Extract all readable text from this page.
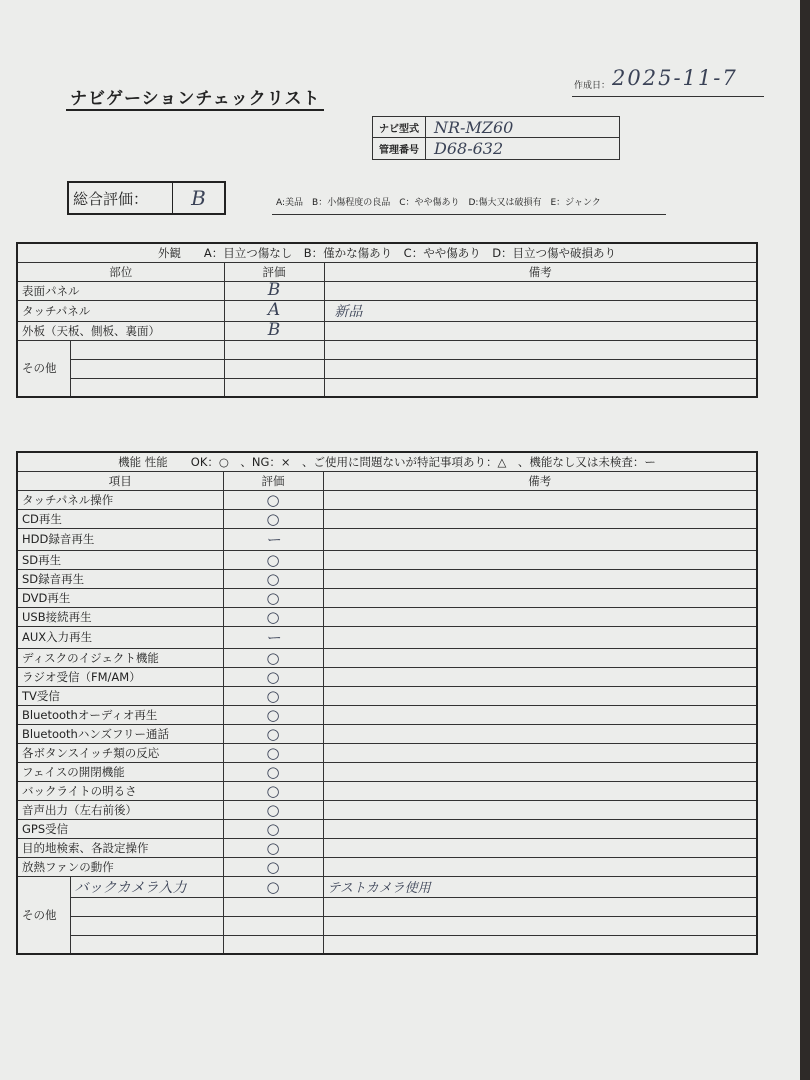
ナビゲーションチェックリスト
作成日： 2025-11-7
ナビ型式 NR-MZ60
管理番号 D68-632
総合評価：	B	A:美品　B：小傷程度の良品　C：やや傷あり　D:傷大又は破損有　E：ジャンク
外観　　A：目立つ傷なし　B：僅かな傷あり　C：やや傷あり　D：目立つ傷や破損あり			
部位		評価	備考
表面パネル		B	
タッチパネル		A	新品
外板（天板、側板、裏面）		B	
その他			

機能 性能　　OK：○　、NG：×　、ご使用に問題ないが特記事項あり：△　、機能なし又は未検査：ー			
項目		評価	備考
タッチパネル操作		○	
CD再生		○	
HDD録音再生		ー	
SD再生		○	
SD録音再生		○	
DVD再生		○	
USB接続再生		○	
AUX入力再生		ー	
ディスクのイジェクト機能		○	
ラジオ受信（FM/AM）		○	
TV受信		○	
Bluetoothオーディオ再生		○	
Bluetoothハンズフリー通話		○	
各ボタンスイッチ類の反応		○	
フェイスの開閉機能		○	
バックライトの明るさ		○	
音声出力（左右前後）		○	
GPS受信		○	
目的地検索、各設定操作		○	
放熱ファンの動作		○	
その他	バックカメラ入力	○	テストカメラ使用
